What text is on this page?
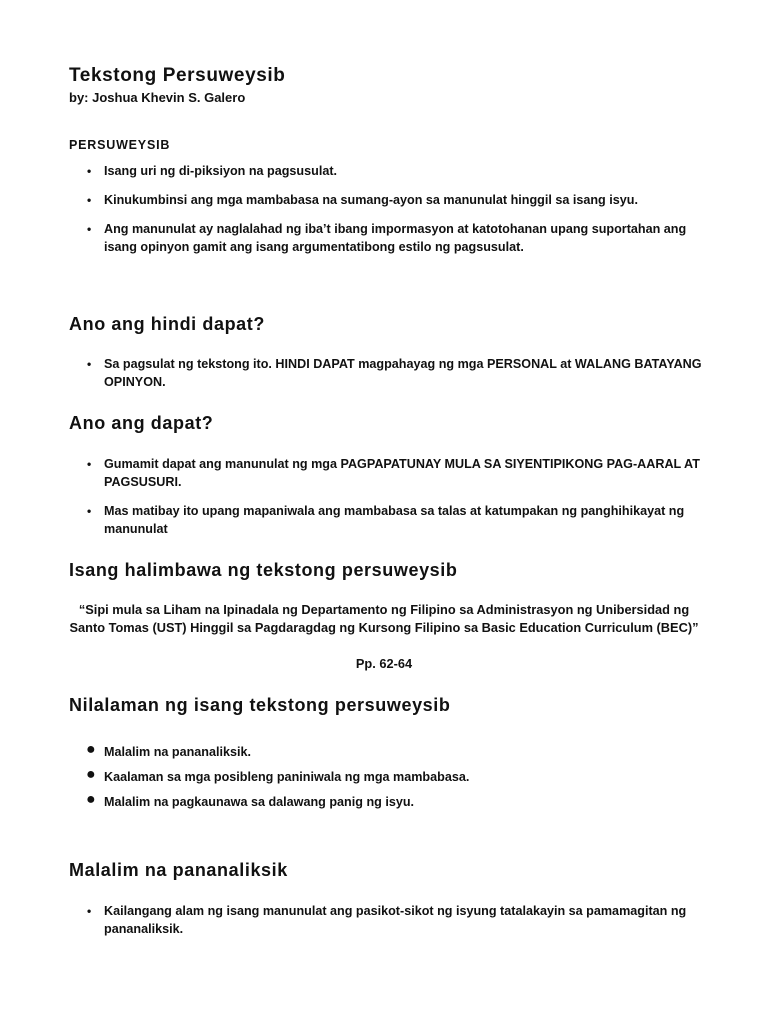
Tekstong Persuweysib
by: Joshua Khevin S. Galero
PERSUWEYSIB
• Isang uri ng di-piksiyon na pagsusulat.
• Kinukumbinsi ang mga mambabasa na sumang-ayon sa manunulat hinggil sa isang isyu.
• Ang manunulat ay naglalahad ng iba’t ibang impormasyon at katotohanan upang suportahan ang isang opinyon gamit ang isang argumentatibong estilo ng pagsusulat.
Ano ang hindi dapat?
• Sa pagsulat ng tekstong ito. HINDI DAPAT magpahayag ng mga PERSONAL at WALANG BATAYANG OPINYON.
Ano ang dapat?
• Gumamit dapat ang manunulat ng mga PAGPAPATUNAY MULA SA SIYENTIPIKONG PAG-AARAL AT PAGSUSURI.
• Mas matibay ito upang mapaniwala ang mambabasa sa talas at katumpakan ng panghihikayat ng manunulat
Isang halimbawa ng tekstong persuweysib
“Sipi mula sa Liham na Ipinadala ng Departamento ng Filipino sa Administrasyon ng Unibersidad ng Santo Tomas (UST) Hinggil sa Pagdaragdag ng Kursong Filipino sa Basic Education Curriculum (BEC)”
Pp. 62-64
Nilalaman ng isang tekstong persuweysib
● Malalim na pananaliksik.
● Kaalaman sa mga posibleng paniniwala ng mga mambabasa.
● Malalim na pagkaunawa sa dalawang panig ng isyu.
Malalim na pananaliksik
• Kailangang alam ng isang manunulat ang pasikot-sikot ng isyung tatalakayin sa pamamagitan ng pananaliksik.
